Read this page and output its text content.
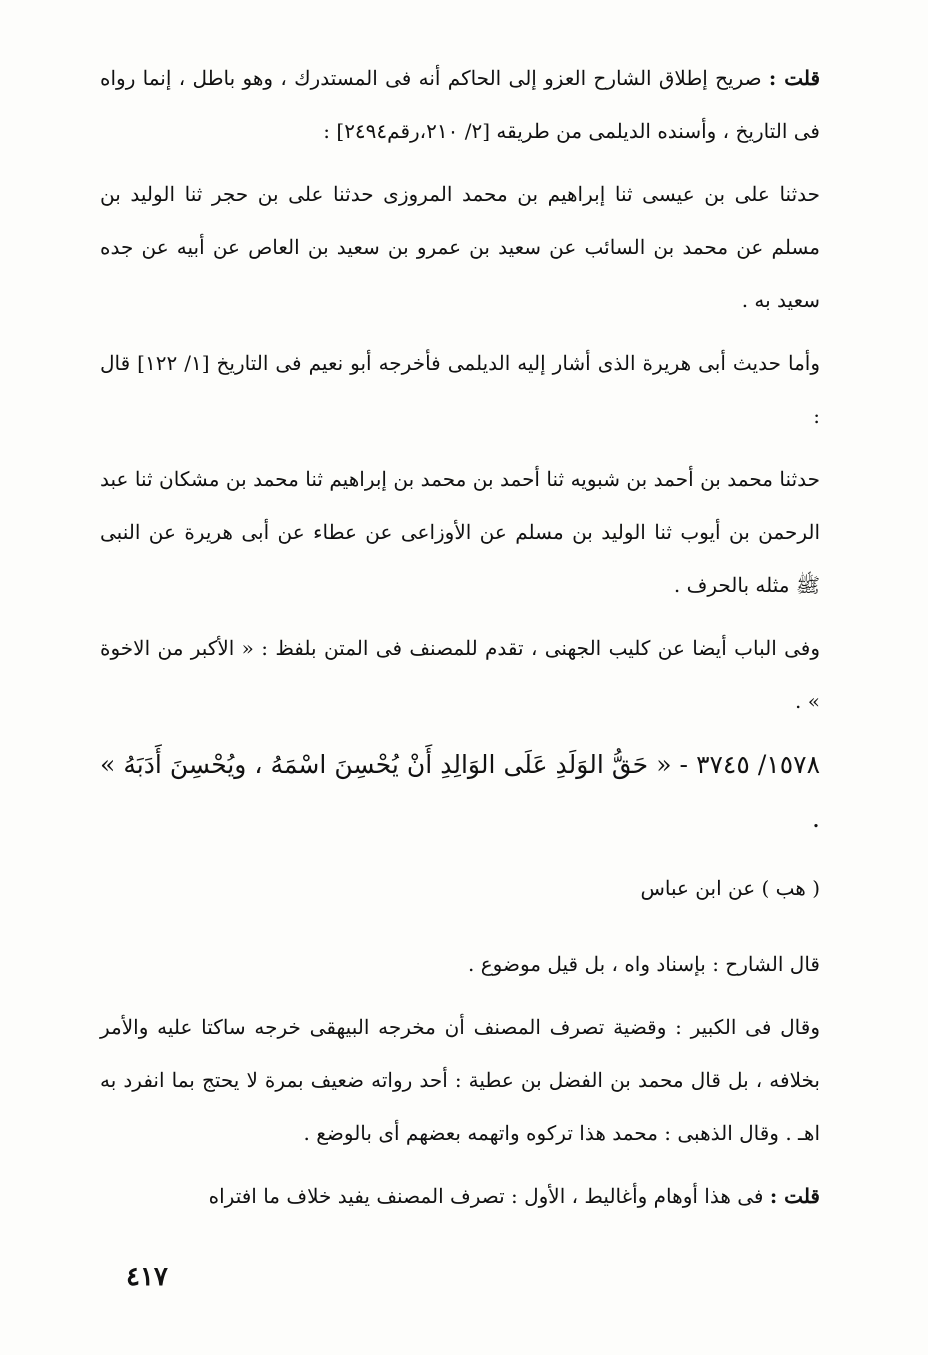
قلت : صريح إطلاق الشارح العزو إلى الحاكم أنه فى المستدرك ، وهو باطل ، إنما رواه فى التاريخ ، وأسنده الديلمى من طريقه [٢/ ٢١٠،رقم٢٤٩٤] :

حدثنا على بن عيسى ثنا إبراهيم بن محمد المروزى حدثنا على بن حجر ثنا الوليد بن مسلم عن محمد بن السائب عن سعيد بن عمرو بن سعيد بن العاص عن أبيه عن جده سعيد به .

وأما حديث أبى هريرة الذى أشار إليه الديلمى فأخرجه أبو نعيم فى التاريخ [١/ ١٢٢] قال :

حدثنا محمد بن أحمد بن شبويه ثنا أحمد بن محمد بن إبراهيم ثنا محمد بن مشكان ثنا عبد الرحمن بن أيوب ثنا الوليد بن مسلم عن الأوزاعى عن عطاء عن أبى هريرة عن النبى ﷺ مثله بالحرف .

وفى الباب أيضا عن كليب الجهنى ، تقدم للمصنف فى المتن بلفظ : « الأكبر من الاخوة » .

١٥٧٨/ ٣٧٤٥ - « حَقُّ الوَلَدِ عَلَى الوَالِدِ أَنْ يُحْسِنَ اسْمَهُ ، ويُحْسِنَ أَدَبَهُ » .

( هب ) عن ابن عباس

قال الشارح : بإسناد واه ، بل قيل موضوع .

وقال فى الكبير : وقضية تصرف المصنف أن مخرجه البيهقى خرجه ساكتا عليه والأمر بخلافه ، بل قال محمد بن الفضل بن عطية : أحد رواته ضعيف بمرة لا يحتج بما انفرد به اهـ . وقال الذهبى : محمد هذا تركوه واتهمه بعضهم أى بالوضع .

قلت : فى هذا أوهام وأغاليط ، الأول : تصرف المصنف يفيد خلاف ما افتراه

٤١٧
